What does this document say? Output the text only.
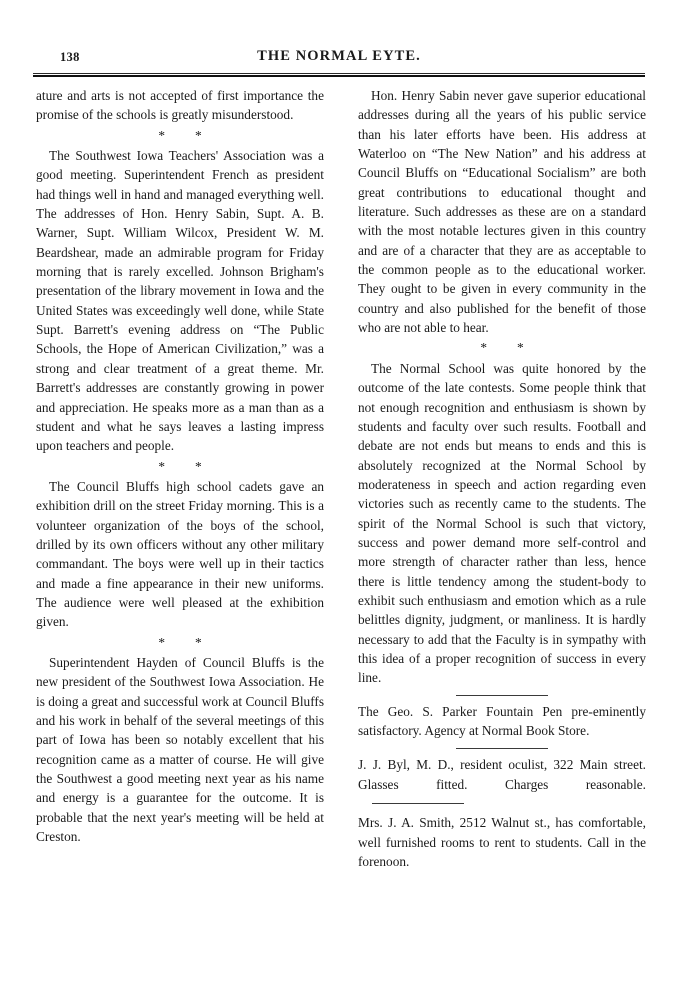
138	THE NORMAL EYTE.

ature and arts is not accepted of first importance the promise of the schools is greatly misunderstood.

* *

The Southwest Iowa Teachers' Association was a good meeting. Superintendent French as president had things well in hand and managed everything well. The addresses of Hon. Henry Sabin, Supt. A. B. Warner, Supt. William Wilcox, President W. M. Beardshear, made an admirable program for Friday morning that is rarely excelled. Johnson Brigham's presentation of the library movement in Iowa and the United States was exceedingly well done, while State Supt. Barrett's evening address on “The Public Schools, the Hope of American Civilization,” was a strong and clear treatment of a great theme. Mr. Barrett's addresses are constantly growing in power and appreciation. He speaks more as a man than as a student and what he says leaves a lasting impress upon teachers and people.

* *

The Council Bluffs high school cadets gave an exhibition drill on the street Friday morning. This is a volunteer organization of the boys of the school, drilled by its own officers without any other military commandant. The boys were well up in their tactics and made a fine appearance in their new uniforms. The audience were well pleased at the exhibition given.

* *

Superintendent Hayden of Council Bluffs is the new president of the Southwest Iowa Association. He is doing a great and successful work at Council Bluffs and his work in behalf of the several meetings of this part of Iowa has been so notably excellent that his recognition came as a matter of course. He will give the Southwest a good meeting next year as his name and energy is a guarantee for the outcome. It is probable that the next year's meeting will be held at Creston.

Hon. Henry Sabin never gave superior educational addresses during all the years of his public service than his later efforts have been. His address at Waterloo on “The New Nation” and his address at Council Bluffs on “Educational Socialism” are both great contributions to educational thought and literature. Such addresses as these are on a standard with the most notable lectures given in this country and are of a character that they are as acceptable to the common people as to the educational worker. They ought to be given in every community in the country and also published for the benefit of those who are not able to hear.

* *

The Normal School was quite honored by the outcome of the late contests. Some people think that not enough recognition and enthusiasm is shown by students and faculty over such results. Football and debate are not ends but means to ends and this is absolutely recognized at the Normal School by moderateness in speech and action regarding even victories such as recently came to the students. The spirit of the Normal School is such that victory, success and power demand more self-control and more strength of character rather than less, hence there is little tendency among the student-body to exhibit such enthusiasm and emotion which as a rule belittles dignity, judgment, or manliness. It is hardly necessary to add that the Faculty is in sympathy with this idea of a proper recognition of success in every line.

The Geo. S. Parker Fountain Pen pre-eminently satisfactory. Agency at Normal Book Store.

J. J. Byl, M. D., resident oculist, 322 Main street. Glasses fitted. Charges reasonable.

Mrs. J. A. Smith, 2512 Walnut st., has comfortable, well furnished rooms to rent to students. Call in the forenoon.
